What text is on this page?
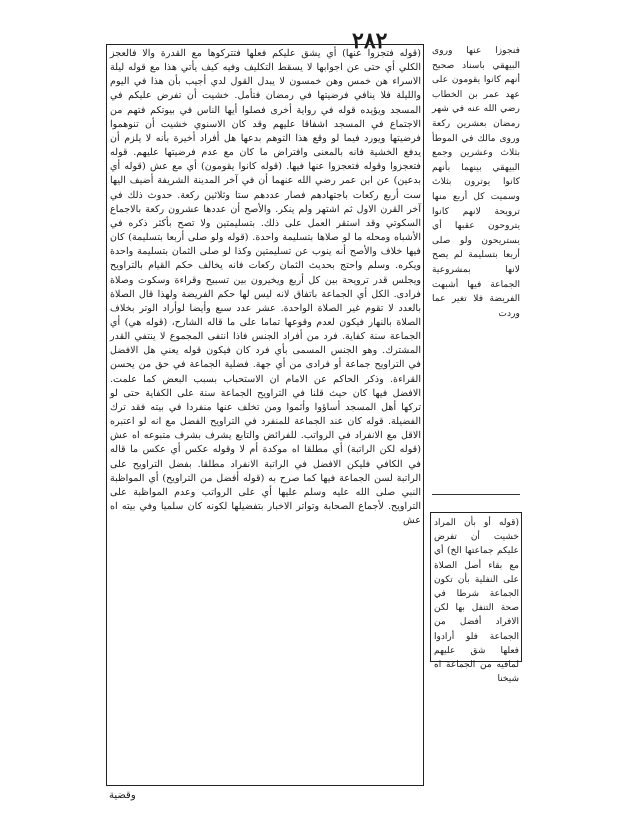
٢٨٢
(قوله فتجزوا عنها) أي يشق عليكم فعلها فتتركوها مع القدرة والا فالعجز الكلي أي حتى عن اجوابها لا يسقط التكليف وفيه كيف يأتي هذا مع قوله ليلة الاسراء هن خمس وهن خمسون لا يبدل القول لدي أجيب بأن هذا في اليوم والليلة فلا ينافي فرضيتها في رمضان فتأمل. خشيت أن تفرض عليكم في المسجد ويؤيده قوله في رواية أخرى فصلوا أيها الناس في بيوتكم فتهم من الاجتماع في المسجد اشفاقا عليهم وقد كان الاسنوي خشيت أن تنوهموا فرضيتها ويورد فيما لو وقع هذا التوهم بدعها هل أفراد أخيرة بأنه لا يلزم أن يدفع الخشية فانه بالمعنى وافتراض ما كان مع عدم فرضيتها عليهم. قوله فتعجزوا وقوله فتعجزوا عنها فيها. (قوله كانوا يقومون) أي مع عش (قوله أي بدعين) عن ابن عمر رضي الله عنهما أن في آخر المدينة الشريفة أضيف اليها ست أربع ركعات باجتهادهم فصار عددهم ستا وثلاثين ركعة. حدوث ذلك في آخر القرن الاول ثم اشتهر ولم ينكر. والأصح أن عددها عشرون ركعة بالاجماع السكوتي وقد استقر العمل على ذلك. بتسليمتين ولا تصح بأكثر ذكره في الأشباه ومحله ما لو صلاها بتسليمة واحدة. (قوله ولو صلى أربعا بتسليمة) كان فيها خلاف والأصح أنه ينوب عن تسليمتين وكذا لو صلى الثمان بتسليمة واحدة ويكره. وسلم واحتج بحديث الثمان ركعات فانه يخالف حكم القيام بالتراويح ويجلس قدر ترويحة بين كل أربع ويخيرون بين تسبيح وقراءة وسكوت وصلاة فرادى. الكل أي الجماعة باتفاق لانه ليس لها حكم الفريضة ولهذا قال الصلاة بالعدد لا تقوم غير الصلاة الواحدة. عشر عدد سبع وأيضا لوأراد الوتر بخلاف الصلاة بالنهار فيكون لعدم وقوعها تماما على ما قاله الشارح، (قوله هي) أي الجماعة سنة كفاية. فرد من أفراد الجنس فاذا انتفى المجموع لا ينتفي القدر المشترك. وهو الجنس المسمى بأي فرد كان فيكون قوله يعني هل الافضل في التراويح جماعة أو فرادى من أي جهة. فضلية الجماعة في حق من يحسن القراءة. وذكر الحاكم عن الامام ان الاستحباب بسبب البعض كما علمت. الافضل فيها كان حيث قلنا في التراويح الجماعة سنة على الكفاية حتى لو تركها أهل المسجد أساؤوا وأثموا ومن تخلف عنها منفردا في بيته فقد ترك الفضيلة. قوله كان عند الجماعة للمنفرد في التراويح الفضل مع انه لو اعتبره الاقل مع الانفراد في الرواتب. للفرائض والتابع يشرف بشرف متبوعه اه عش (قوله لكن الراتبة) أي مطلقا اه موكدة أم لا وقوله عكس أي عكس ما قاله في الكافي فليكن الافضل في الراتبة الانفراد مطلقا. بفضل التراويح على الراتبة لسن الجماعة فيها كما صرح به (قوله أفضل من التراويح) أي المواظبة النبي صلى الله عليه وسلم عليها أي على الرواتب وعدم المواظبة على التراويح. لأجماع الصحابة وتواتر الاخبار بتفضيلها لكونه كان سلميا وفي بيته اه عش
فنجوزا عنها وروى البيهقي باسناد صحيح أنهم كانوا يقومون على عهد عمر بن الخطاب رضي الله عنه في شهر رمضان بعشرين ركعة وروى مالك في الموطأ بثلاث وعشرين وجمع البيهقي بينهما بأنهم كانوا يوترون بثلاث وسميت كل أربع منها ترويحة لانهم كانوا يتروحون عقبها أي يستريحون ولو صلى أربعا بتسليمة لم يصح لانها بمشروعية الجماعة فيها أشبهت الفريضة فلا تغير عما وردت
(قوله أو بأن المراد خشيت أن تفرض عليكم جماعتها الخ) أي مع بقاء أصل الصلاة على النفلية بأن تكون الجماعة شرطا في صحة التنفل بها لكن الافراد أفضل من الجماعة فلو أرادوا فعلها شق عليهم لمافيه من الجماعة اه شيخنا
وقضية
